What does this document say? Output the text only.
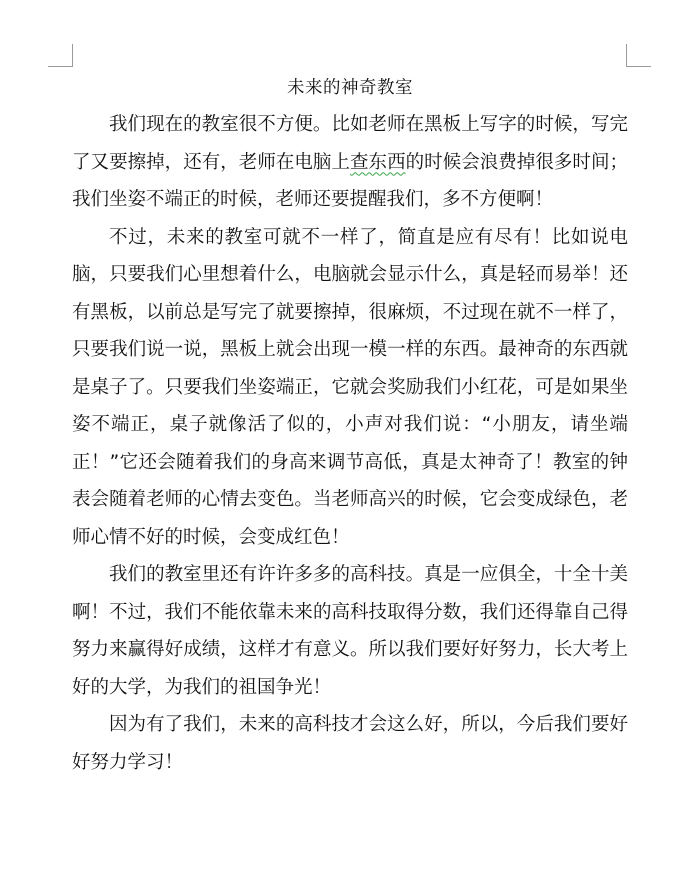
未来的神奇教室

我们现在的教室很不方便。比如老师在黑板上写字的时候，写完了又要擦掉，还有，老师在电脑上查东西的时候会浪费掉很多时间；我们坐姿不端正的时候，老师还要提醒我们，多不方便啊！

不过，未来的教室可就不一样了，简直是应有尽有！比如说电脑，只要我们心里想着什么，电脑就会显示什么，真是轻而易举！还有黑板，以前总是写完了就要擦掉，很麻烦，不过现在就不一样了，只要我们说一说，黑板上就会出现一模一样的东西。最神奇的东西就是桌子了。只要我们坐姿端正，它就会奖励我们小红花，可是如果坐姿不端正，桌子就像活了似的，小声对我们说：“小朋友，请坐端正！”它还会随着我们的身高来调节高低，真是太神奇了！教室的钟表会随着老师的心情去变色。当老师高兴的时候，它会变成绿色，老师心情不好的时候，会变成红色！

我们的教室里还有许许多多的高科技。真是一应俱全，十全十美啊！不过，我们不能依靠未来的高科技取得分数，我们还得靠自己得努力来赢得好成绩，这样才有意义。所以我们要好好努力，长大考上好的大学，为我们的祖国争光！

因为有了我们，未来的高科技才会这么好，所以，今后我们要好好努力学习！
